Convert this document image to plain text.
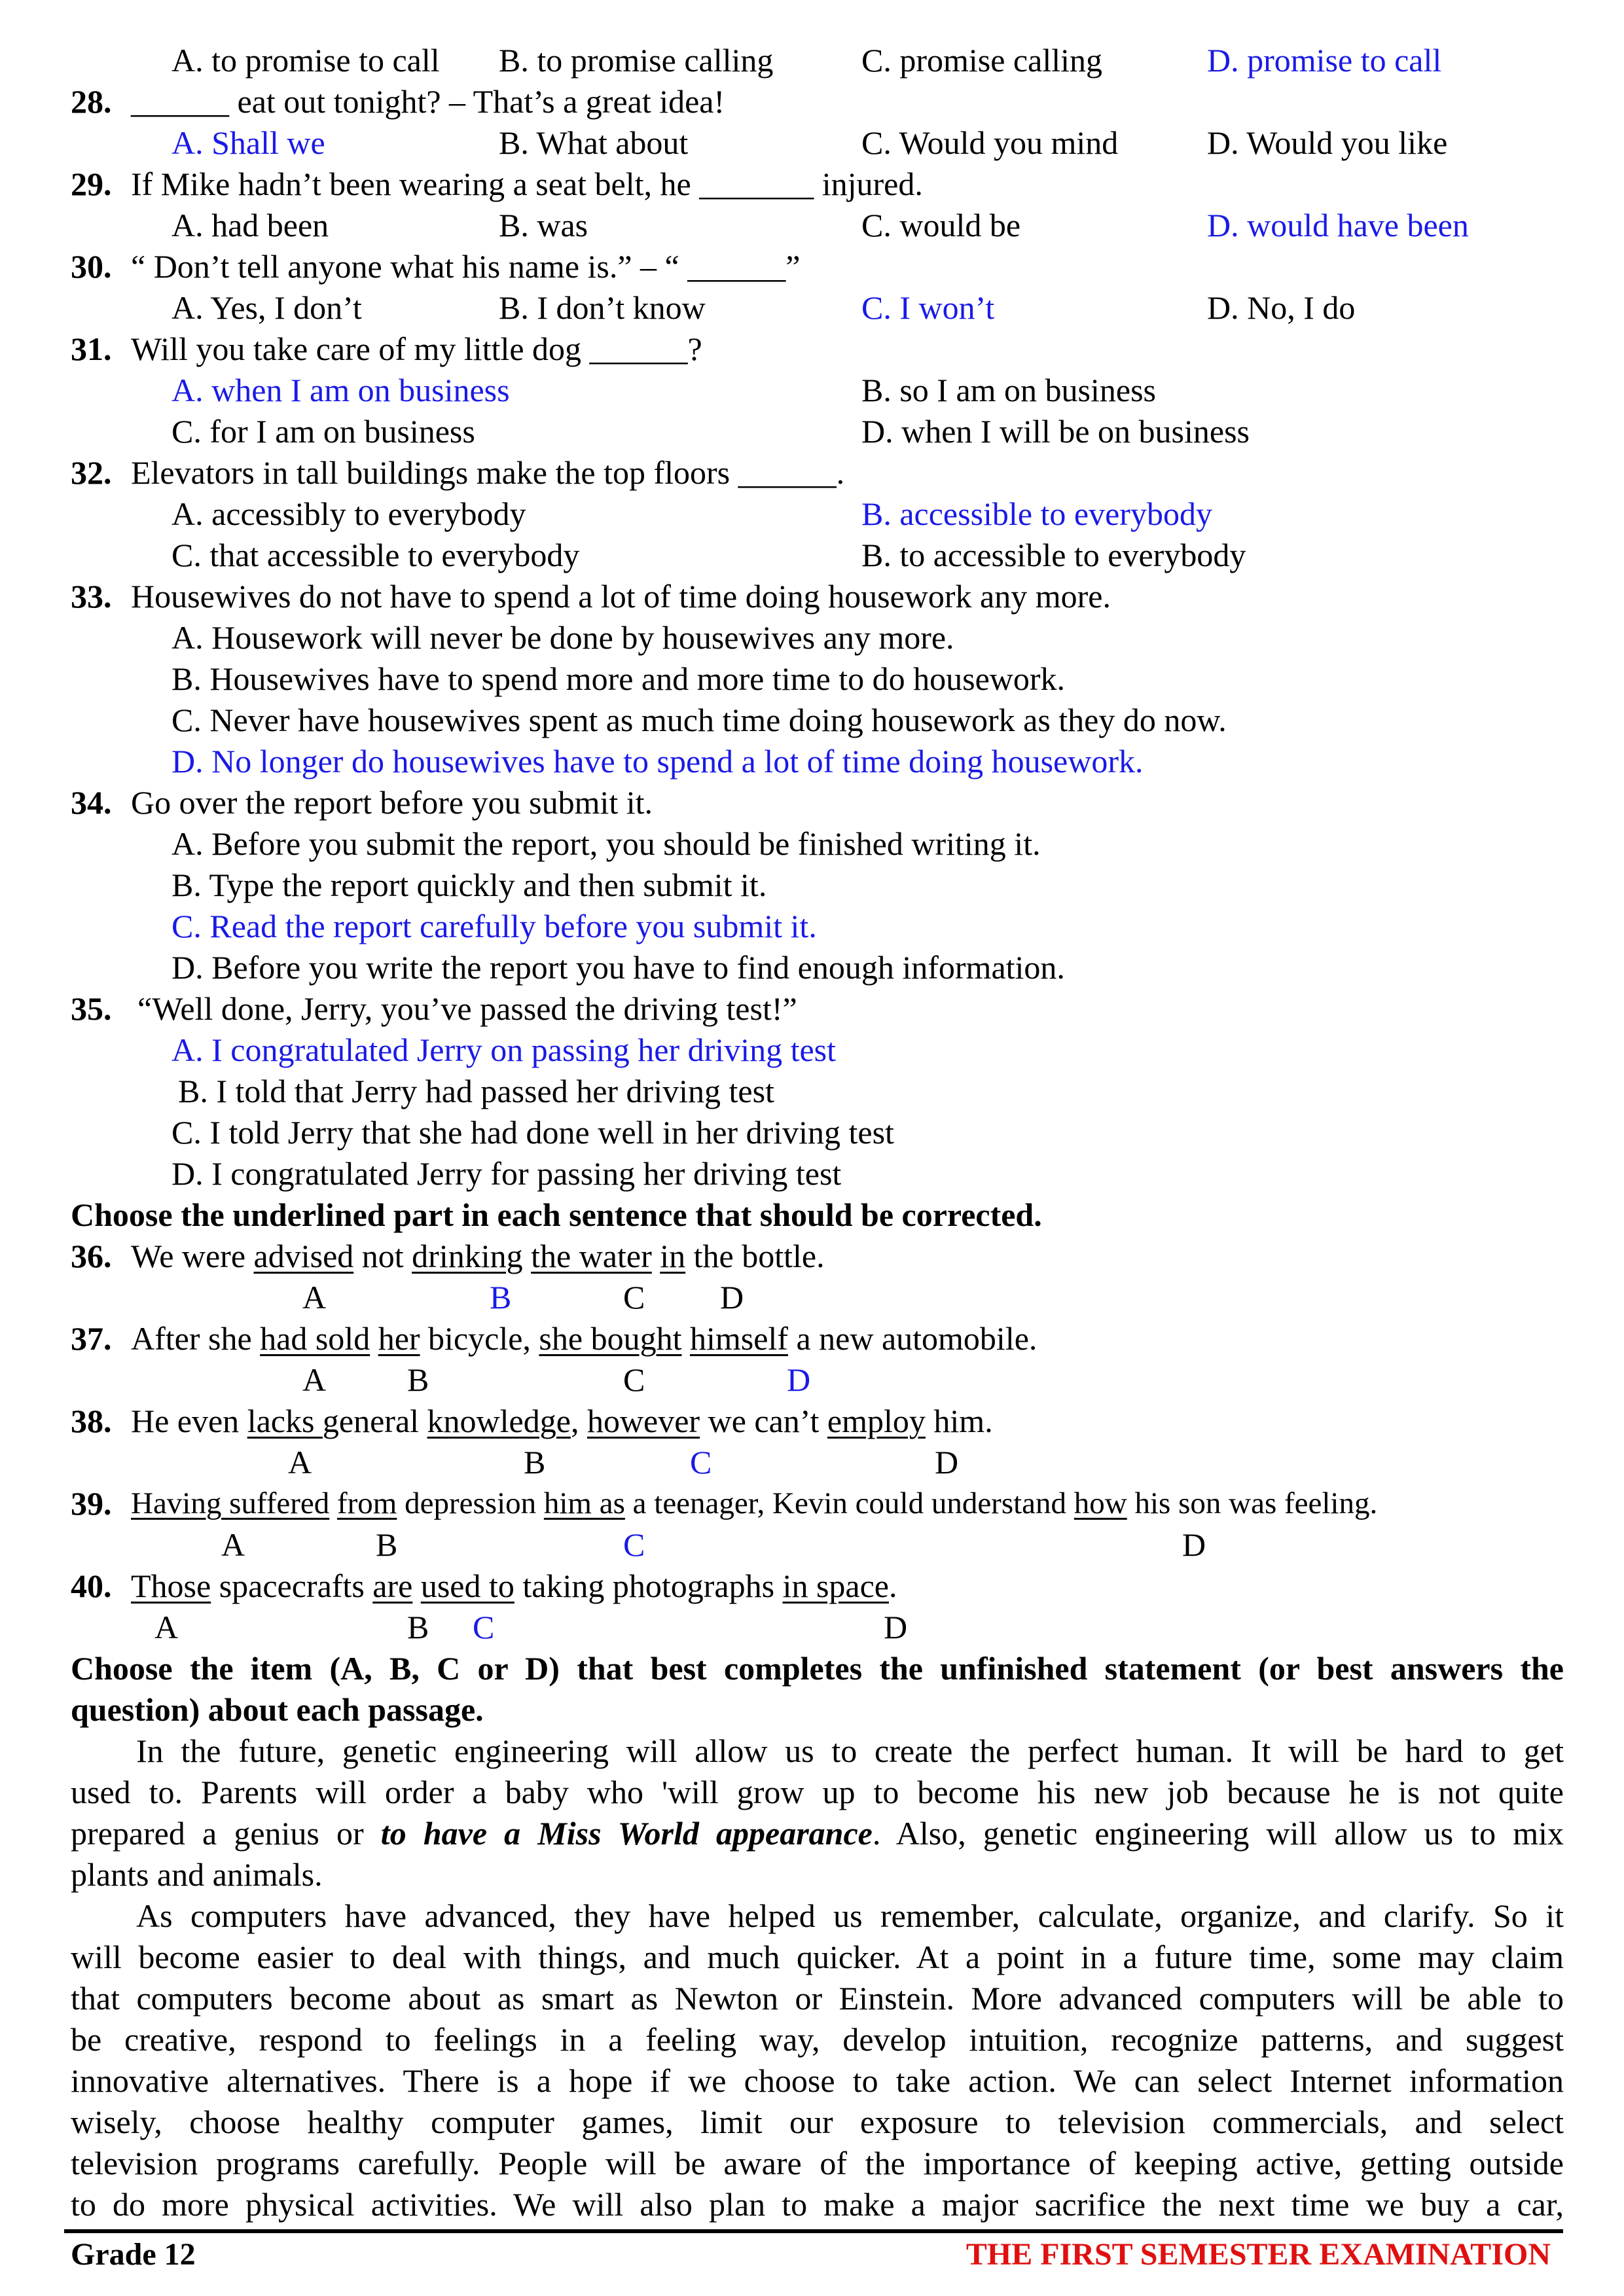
A. to promise to call B. to promise calling	C. promise calling	D. promise to call
28. ______ eat out tonight? – That’s a great idea!
A. Shall we	B. What about	C. Would you mind	D. Would you like
29. If Mike hadn’t been wearing a seat belt, he _______ injured.
A. had been	B. was	C. would be	D. would have been
30. “ Don’t tell anyone what his name is.” – “ ______”
A. Yes, I don’t	B. I don’t know	C. I won’t	D. No, I do
31. Will you take care of my little dog ______?
A. when I am on business	B. so I am on business
C. for I am on business	D. when I will be on business
32. Elevators in tall buildings make the top floors ______.
A. accessibly to everybody	B. accessible to everybody
C. that accessible to everybody	B. to accessible to everybody
33. Housewives do not have to spend a lot of time doing housework any more.
A. Housework will never be done by housewives any more.
B. Housewives have to spend more and more time to do housework.
C. Never have housewives spent as much time doing housework as they do now.
D. No longer do housewives have to spend a lot of time doing housework.
34. Go over the report before you submit it.
A. Before you submit the report, you should be finished writing it.
B. Type the report quickly and then submit it.
C. Read the report carefully before you submit it.
D. Before you write the report you have to find enough information.
35. “Well done, Jerry, you’ve passed the driving test!”
A. I congratulated Jerry on passing her driving test
B. I told that Jerry had passed her driving test
C. I told Jerry that she had done well in her driving test
D. I congratulated Jerry for passing her driving test
Choose the underlined part in each sentence that should be corrected.
36. We were advised not drinking the water in the bottle.
A	B	C D
37. After she had sold her bicycle, she bought himself a new automobile.
A B	C	D
38. He even lacks general knowledge, however we can’t employ him.
A	B	C	D
39. Having suffered from depression him as a teenager, Kevin could understand how his son was feeling.
A	B	C	D
40. Those spacecrafts are used to taking photographs in space.
A	B C	D
Choose the item (A, B, C or D) that best completes the unfinished statement (or best answers the
question) about each passage.
In the future, genetic engineering will allow us to create the perfect human. It will be hard to get
used to. Parents will order a baby who 'will grow up to become his new job because he is not quite
prepared a genius or to have a Miss World appearance. Also, genetic engineering will allow us to mix
plants and animals.
As computers have advanced, they have helped us remember, calculate, organize, and clarify. So it
will become easier to deal with things, and much quicker. At a point in a future time, some may claim
that computers become about as smart as Newton or Einstein. More advanced computers will be able to
be creative, respond to feelings in a feeling way, develop intuition, recognize patterns, and suggest
innovative alternatives. There is a hope if we choose to take action. We can select Internet information
wisely, choose healthy computer games, limit our exposure to television commercials, and select
television programs carefully. People will be aware of the importance of keeping active, getting outside
to do more physical activities. We will also plan to make a major sacrifice the next time we buy a car,
Grade 12	THE FIRST SEMESTER EXAMINATION
